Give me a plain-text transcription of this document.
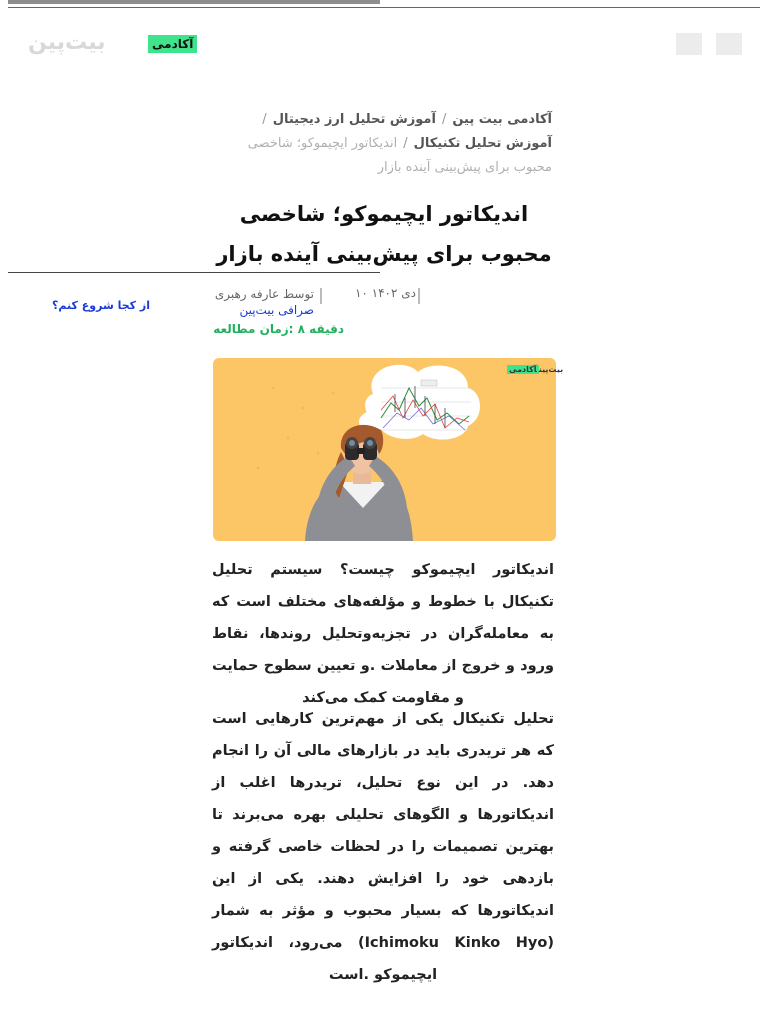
بیت‌پین	آکادمی
آکادمی بیت پین/آموزش تحلیل ارز دیجیتال/آموزش تحلیل تکنیکال/اندیکاتور ایچیموکو؛ شاخصی محبوب برای پیش‌بینی آینده بازار
اندیکاتور ایچیموکو؛ شاخصی محبوب برای پیش‌بینی آینده بازار
دی ۱۴۰۲ ۱۰
توسط عارفه رهبری
صرافی بیت‌پین
از کجا شروع کنم؟
دقیقه ۸ :زمان مطالعه
بیت‌پینآکادمی

اندیکاتور ایچیموکو چیست؟ سیستم تحلیل تکنیکال با خطوط و مؤلفه‌های مختلف است که به معامله‌گران در تجزیه‌وتحلیل روندها، نقاط ورود و خروج از معاملات .و تعیین سطوح حمایت و مقاومت کمک می‌کند

تحلیل تکنیکال یکی از مهم‌ترین کارهایی است که هر تریدری باید در بازارهای مالی آن را انجام دهد. در این نوع تحلیل، تریدرها اغلب از اندیکاتورها و الگوهای تحلیلی بهره می‌برند تا بهترین تصمیمات را در لحظات خاصی گرفته و بازدهی خود را افزایش دهند. یکی از این اندیکاتورها که بسیار محبوب و مؤثر به شمار (Ichimoku Kinko Hyo) می‌رود، اندیکاتور ایچیموکو .است
